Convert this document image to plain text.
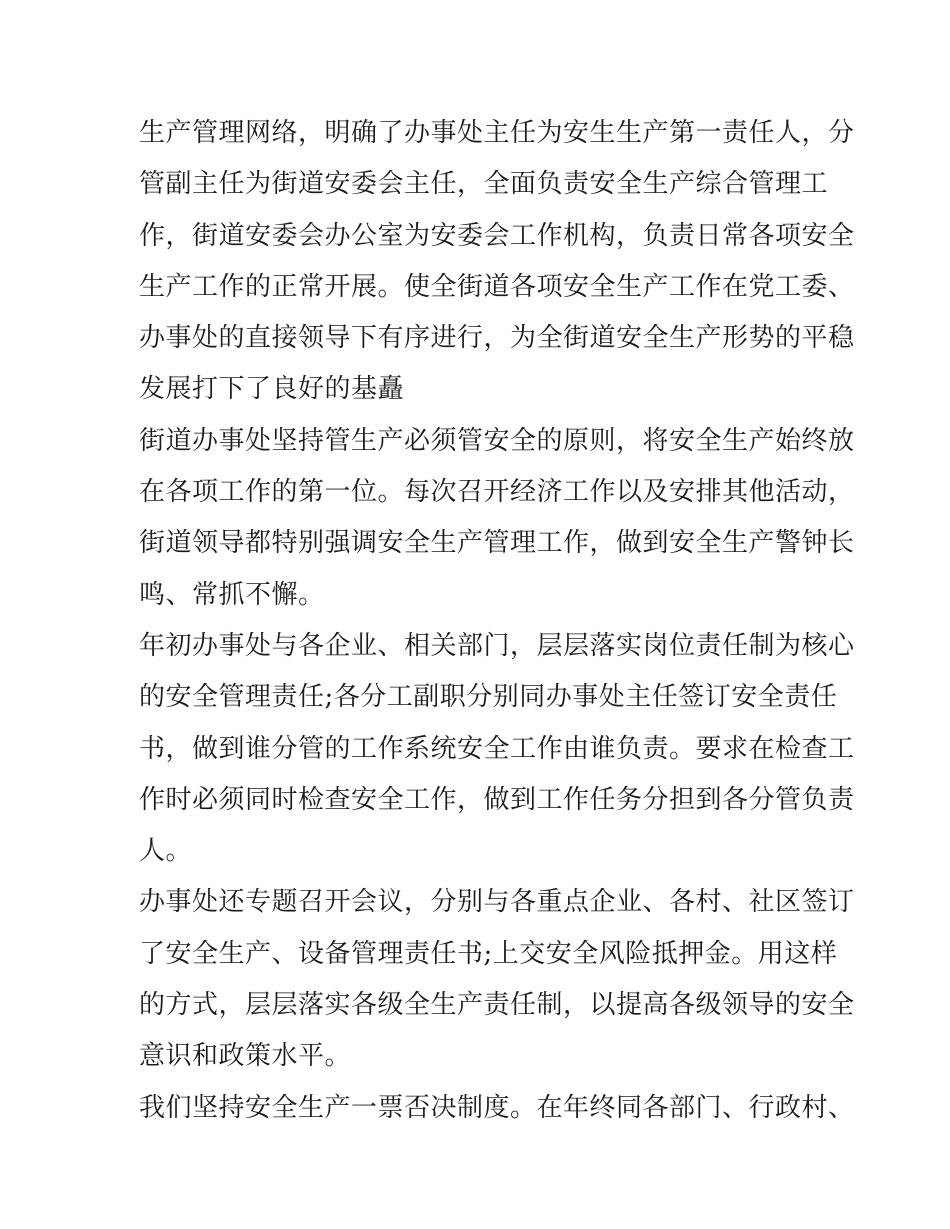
生产管理网络，明确了办事处主任为安生生产第一责任人，分
管副主任为街道安委会主任，全面负责安全生产综合管理工
作，街道安委会办公室为安委会工作机构，负责日常各项安全
生产工作的正常开展。使全街道各项安全生产工作在党工委、
办事处的直接领导下有序进行，为全街道安全生产形势的平稳
发展打下了良好的基矗
街道办事处坚持管生产必须管安全的原则，将安全生产始终放
在各项工作的第一位。每次召开经济工作以及安排其他活动，
街道领导都特别强调安全生产管理工作，做到安全生产警钟长
鸣、常抓不懈。
年初办事处与各企业、相关部门，层层落实岗位责任制为核心
的安全管理责任;各分工副职分别同办事处主任签订安全责任
书，做到谁分管的工作系统安全工作由谁负责。要求在检查工
作时必须同时检查安全工作，做到工作任务分担到各分管负责
人。
办事处还专题召开会议，分别与各重点企业、各村、社区签订
了安全生产、设备管理责任书;上交安全风险抵押金。用这样
的方式，层层落实各级全生产责任制，以提高各级领导的安全
意识和政策水平。
我们坚持安全生产一票否决制度。在年终同各部门、行政村、
